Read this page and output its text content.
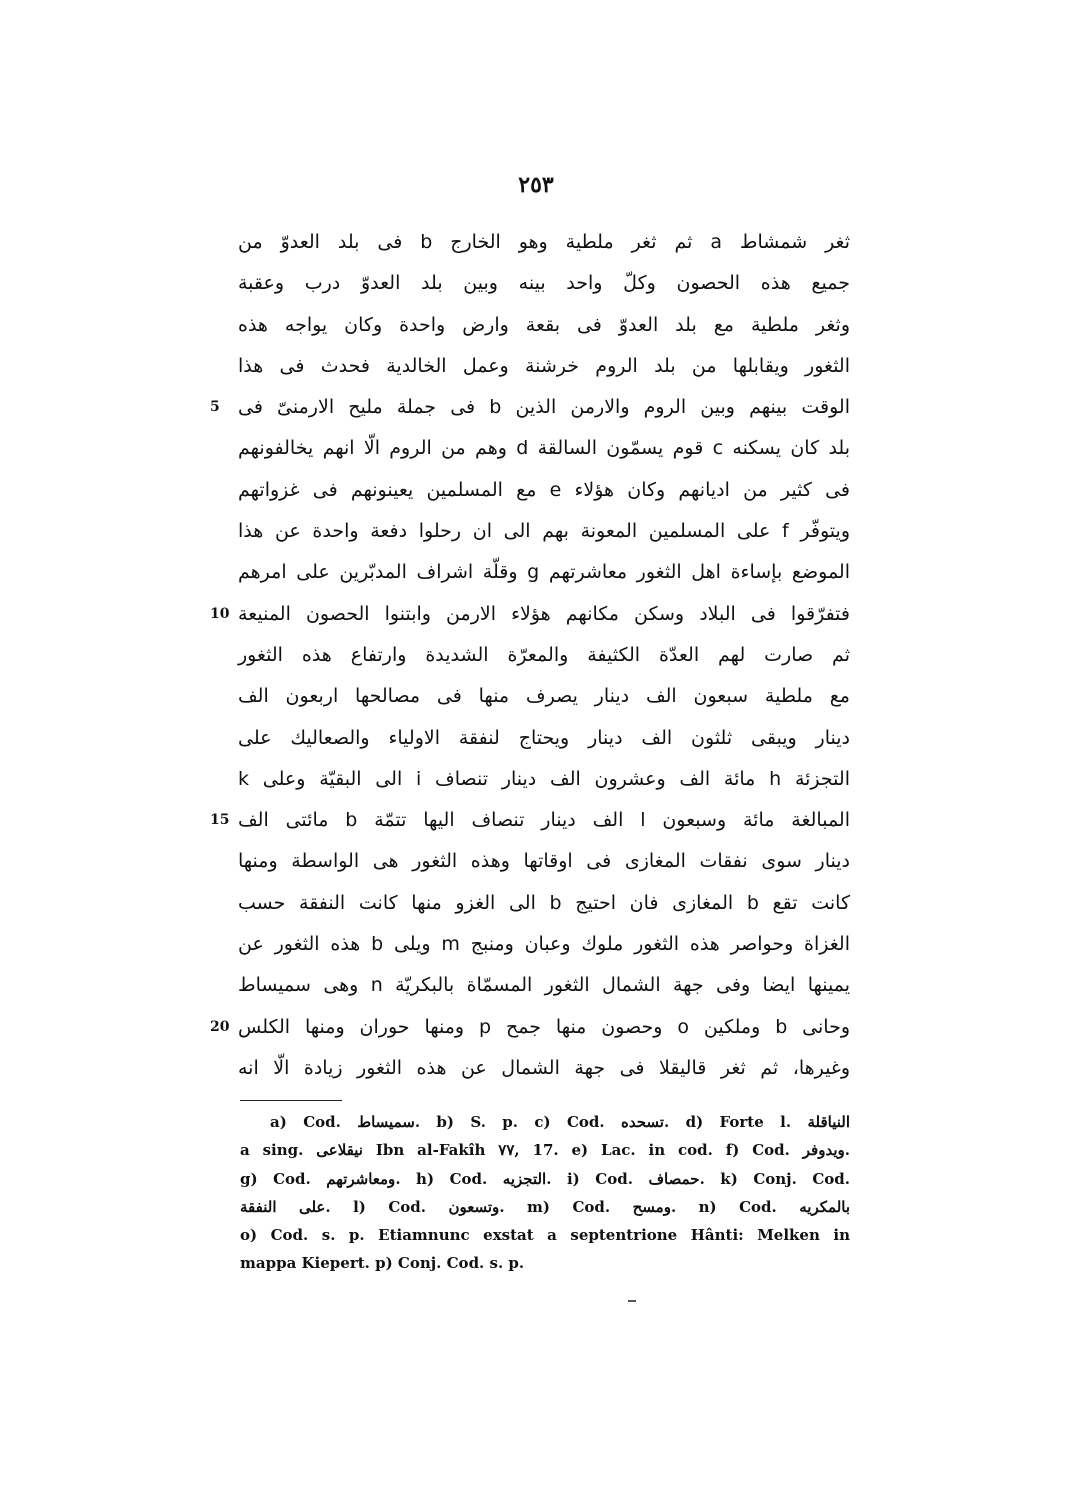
٢٥٣
ثغر شمشاط a ثم ثغر ملطية وهو الخارج b فى بلد العدوّ من
جميع هذه الحصون وكلّ واحد بينه وبين بلد العدوّ درب وعقبة
وثغر ملطية مع بلد العدوّ فى بقعة وارض واحدة وكان يواجه هذه
الثغور ويقابلها من بلد الروم خرشنة وعمل الخالدية فحدث فى هذا
5 الوقت بينهم وبين الروم والارمن الذين b فى جملة مليح الارمنىّ فى
بلد كان يسكنه c قوم يسمّون السالقة d وهم من الروم الّا انهم يخالفونهم
فى كثير من اديانهم وكان هؤلاء e مع المسلمين يعينونهم فى غزواتهم
ويتوفّر f على المسلمين المعونة بهم الى ان رحلوا دفعة واحدة عن هذا
الموضع بإساءة اهل الثغور معاشرتهم g وقلّة اشراف المدبّرين على امرهم
10 فتفرّقوا فى البلاد وسكن مكانهم هؤلاء الارمن وابتنوا الحصون المنيعة
ثم صارت لهم العدّة الكثيفة والمعرّة الشديدة وارتفاع هذه الثغور
مع ملطية سبعون الف دينار يصرف منها فى مصالحها اربعون الف
دينار ويبقى ثلثون الف دينار ويحتاج لنفقة الاولياء والصعاليك على
التجزئة h مائة الف وعشرون الف دينار تنصاف i الى البقيّة وعلى k
15 المبالغة مائة وسبعون l الف دينار تنصاف اليها تتمّة b مائتى الف
دينار سوى نفقات المغازى فى اوقاتها وهذه الثغور هى الواسطة ومنها
كانت تقع b المغازى فان احتيج b الى الغزو منها كانت النفقة حسب
الغزاة وحواصر هذه الثغور ملوك وعبان ومنبج m ويلى b هذه الثغور عن
يمينها ايضا وفى جهة الشمال الثغور المسمّاة بالبكريّة n وهى سميساط
20 وحانى b وملكين o وحصون منها جمح p ومنها حوران ومنها الكلس
وغيرها، ثم ثغر قاليقلا فى جهة الشمال عن هذه الثغور زيادة الّا انه
a) Cod. سميساط. b) S. p. c) Cod. تسحده. d) Forte l. النياقلة
a sing. نيقلاعى Ibn al-Fakîh ٧٧, 17. e) Lac. in cod. f) Cod. ويدوفر.
g) Cod. ومعاشرتهم. h) Cod. التجزيه. i) Cod. حمصاف. k) Conj. Cod.
على النفقة. l) Cod. وتسعون. m) Cod. ومسح. n) Cod. بالمكريه
o) Cod. s. p. Etiamnunc exstat a septentrione Hânti: Melken in
mappa Kiepert. p) Conj. Cod. s. p.
